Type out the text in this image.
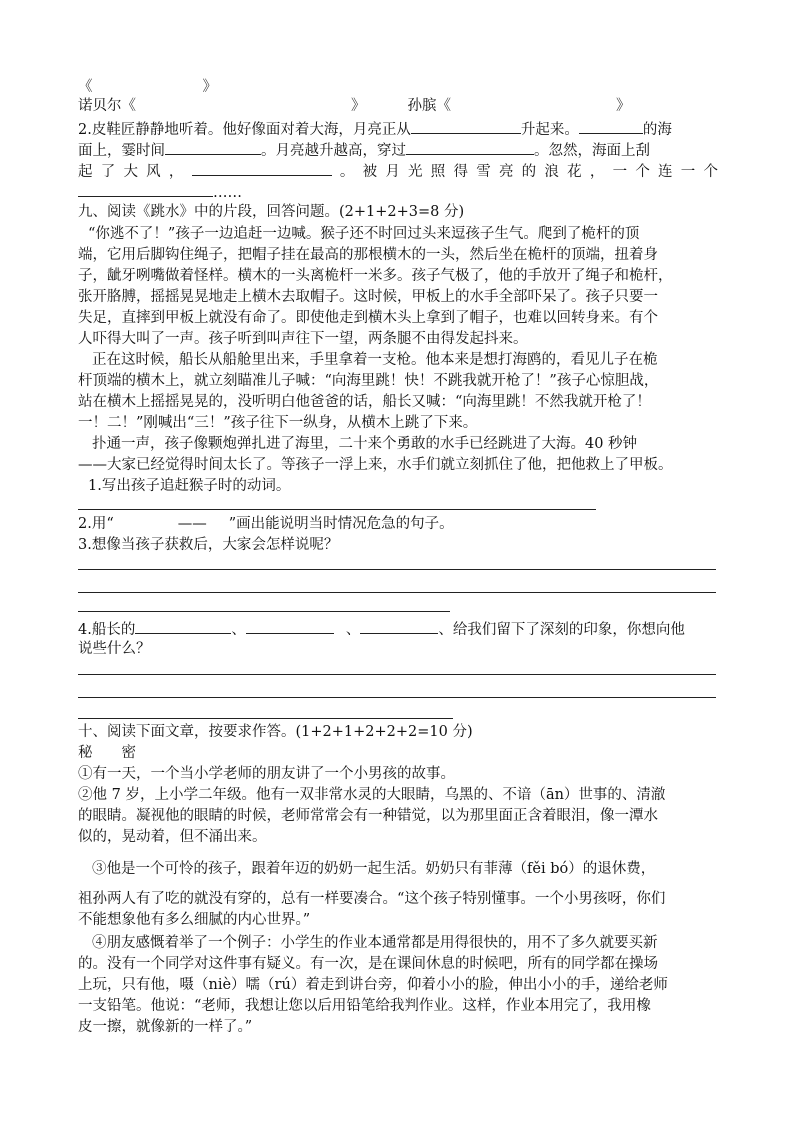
《	》
诺贝尔《	》	孙膑《	》
2.皮鞋匠静静地听着。他好像面对着大海，月亮正从	升起来。	的海
面上，霎时间	。月亮越升越高，穿过	。忽然，海面上刮
起了大风，	。被月光照得雪亮的浪花，一个连一个
……
九、阅读《跳水》中的片段，回答问题。(2+1+2+3=8 分)
“你逃不了！”孩子一边追赶一边喊。猴子还不时回过头来逗孩子生气。爬到了桅杆的顶
端，它用后脚钩住绳子，把帽子挂在最高的那根横木的一头，然后坐在桅杆的顶端，扭着身
子，龇牙咧嘴做着怪样。横木的一头离桅杆一米多。孩子气极了，他的手放开了绳子和桅杆，
张开胳膊，摇摇晃晃地走上横木去取帽子。这时候，甲板上的水手全部吓呆了。孩子只要一
失足，直摔到甲板上就没有命了。即使他走到横木头上拿到了帽子，也难以回转身来。有个
人吓得大叫了一声。孩子听到叫声往下一望，两条腿不由得发起抖来。
正在这时候，船长从船舱里出来，手里拿着一支枪。他本来是想打海鸥的，看见儿子在桅
杆顶端的横木上，就立刻瞄准儿子喊：“向海里跳！快！不跳我就开枪了！”孩子心惊胆战，
站在横木上摇摇晃晃的，没听明白他爸爸的话，船长又喊：“向海里跳！不然我就开枪了！
一！二！”刚喊出“三！”孩子往下一纵身，从横木上跳了下来。
扑通一声，孩子像颗炮弹扎进了海里，二十来个勇敢的水手已经跳进了大海。40 秒钟
——大家已经觉得时间太长了。等孩子一浮上来，水手们就立刻抓住了他，把他救上了甲板。
1.写出孩子追赶猴子时的动词。
2.用“	—— ”画出能说明当时情况危急的句子。
3.想像当孩子获救后，大家会怎样说呢？
4.船长的	、	、	、给我们留下了深刻的印象，你想向他
说些什么？
十、阅读下面文章，按要求作答。(1+2+1+2+2+2=10 分)
秘　　密
①有一天，一个当小学老师的朋友讲了一个小男孩的故事。
②他 7 岁，上小学二年级。他有一双非常水灵的大眼睛，乌黑的、不谙（ān）世事的、清澈
的眼睛。凝视他的眼睛的时候，老师常常会有一种错觉，以为那里面正含着眼泪，像一潭水
似的，晃动着，但不涌出来。
③他是一个可怜的孩子，跟着年迈的奶奶一起生活。奶奶只有菲薄（fěi bó）的退休费，
祖孙两人有了吃的就没有穿的，总有一样要凑合。“这个孩子特别懂事。一个小男孩呀，你们
不能想象他有多么细腻的内心世界。”
④朋友感慨着举了一个例子：小学生的作业本通常都是用得很快的，用不了多久就要买新
的。没有一个同学对这件事有疑义。有一次，是在课间休息的时候吧，所有的同学都在操场
上玩，只有他，嗫（niè）嚅（rú）着走到讲台旁，仰着小小的脸，伸出小小的手，递给老师
一支铅笔。他说：“老师，我想让您以后用铅笔给我判作业。这样，作业本用完了，我用橡
皮一擦，就像新的一样了。”
